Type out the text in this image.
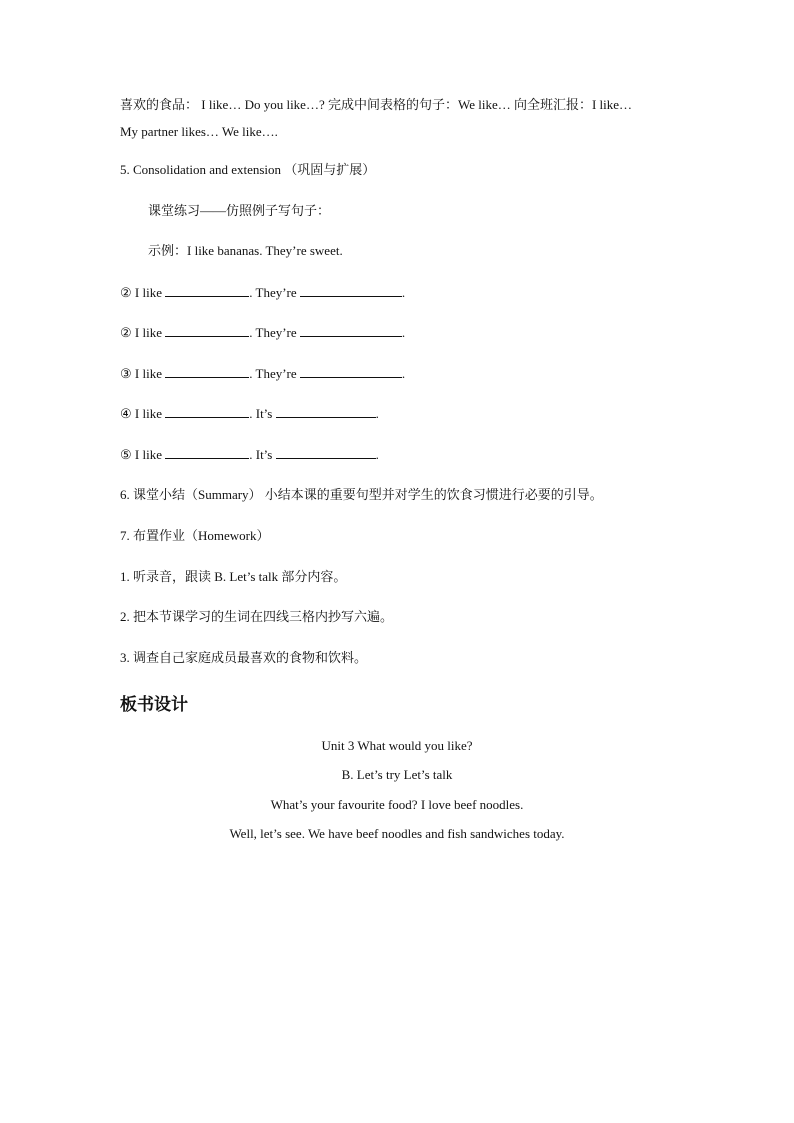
喜欢的食品： I like… Do you like…? 完成中间表格的句子：We like… 向全班汇报：I like…
My partner likes… We like….
5. Consolidation and extension （巩固与扩展）
课堂练习——仿照例子写句子：
示例：I like bananas. They’re sweet.
② I like	. They’re	.
② I like	. They’re	.
③ I like	. They’re	.
④ I like	. It’s	.
⑤ I like	. It’s	.
6. 课堂小结（Summary） 小结本课的重要句型并对学生的饮食习惯进行必要的引导。
7. 布置作业（Homework）
1. 听录音，跟读 B. Let’s talk 部分内容。
2. 把本节课学习的生词在四线三格内抄写六遍。
3. 调查自己家庭成员最喜欢的食物和饮料。
板书设计
Unit 3 What would you like?
B. Let’s try Let’s talk
What’s your favourite food? I love beef noodles.
Well, let’s see. We have beef noodles and fish sandwiches today.
